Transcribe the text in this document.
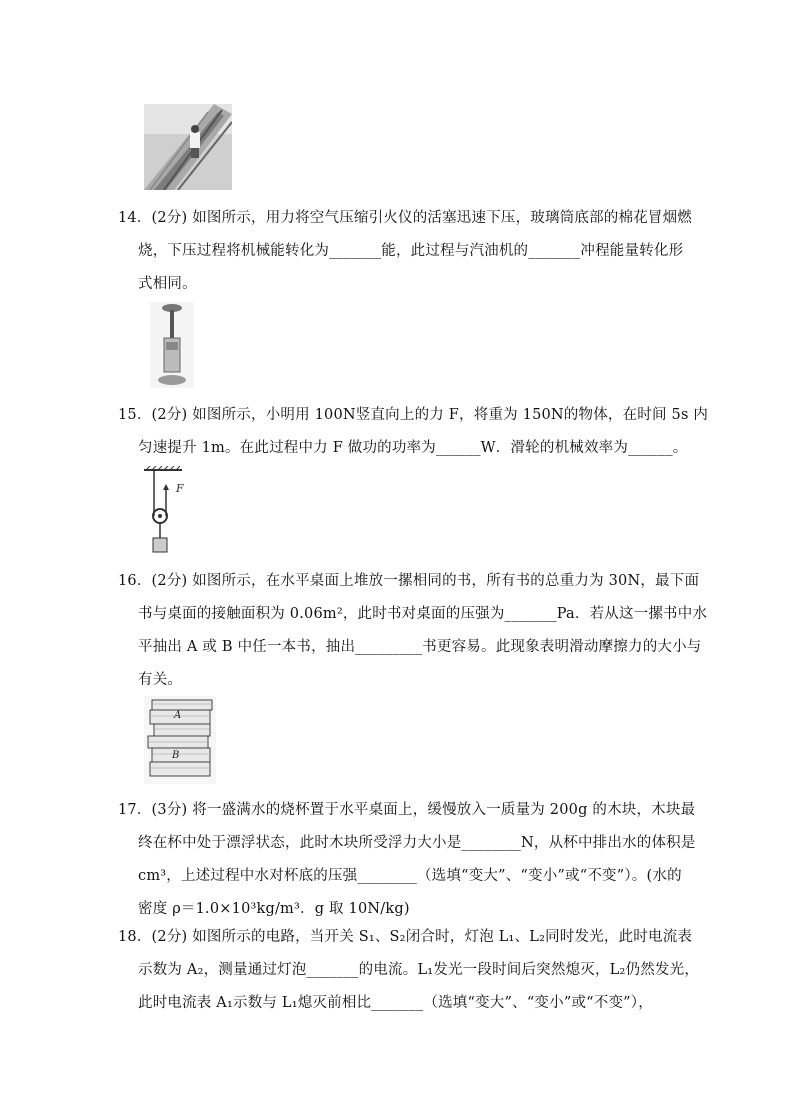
14．(2分) 如图所示，用力将空气压缩引火仪的活塞迅速下压，玻璃筒底部的棉花冒烟燃
烧，下压过程将机械能转化为_______能，此过程与汽油机的_______冲程能量转化形
式相同。
15．(2分) 如图所示，小明用 100N竖直向上的力 F，将重为 150N的物体，在时间 5s 内
匀速提升 1m。在此过程中力 F 做功的功率为______W．滑轮的机械效率为______。
F
16．(2分) 如图所示，在水平桌面上堆放一摞相同的书，所有书的总重力为 30N，最下面
书与桌面的接触面积为 0.06m²，此时书对桌面的压强为_______Pa．若从这一摞书中水
平抽出 A 或 B 中任一本书，抽出_________书更容易。此现象表明滑动摩擦力的大小与
有关。
A
B
17．(3分) 将一盛满水的烧杯置于水平桌面上，缓慢放入一质量为 200g 的木块，木块最
终在杯中处于漂浮状态，此时木块所受浮力大小是________N，从杯中排出水的体积是
cm³，上述过程中水对杯底的压强________（选填“变大”、“变小”或“不变”）。(水的
密度 ρ＝1.0×10³kg/m³．g 取 10N/kg)
18．(2分) 如图所示的电路，当开关 S₁、S₂闭合时，灯泡 L₁、L₂同时发光，此时电流表
示数为 A₂，测量通过灯泡_______的电流。L₁发光一段时间后突然熄灭，L₂仍然发光，
此时电流表 A₁示数与 L₁熄灭前相比_______（选填“变大”、“变小”或“不变”），
